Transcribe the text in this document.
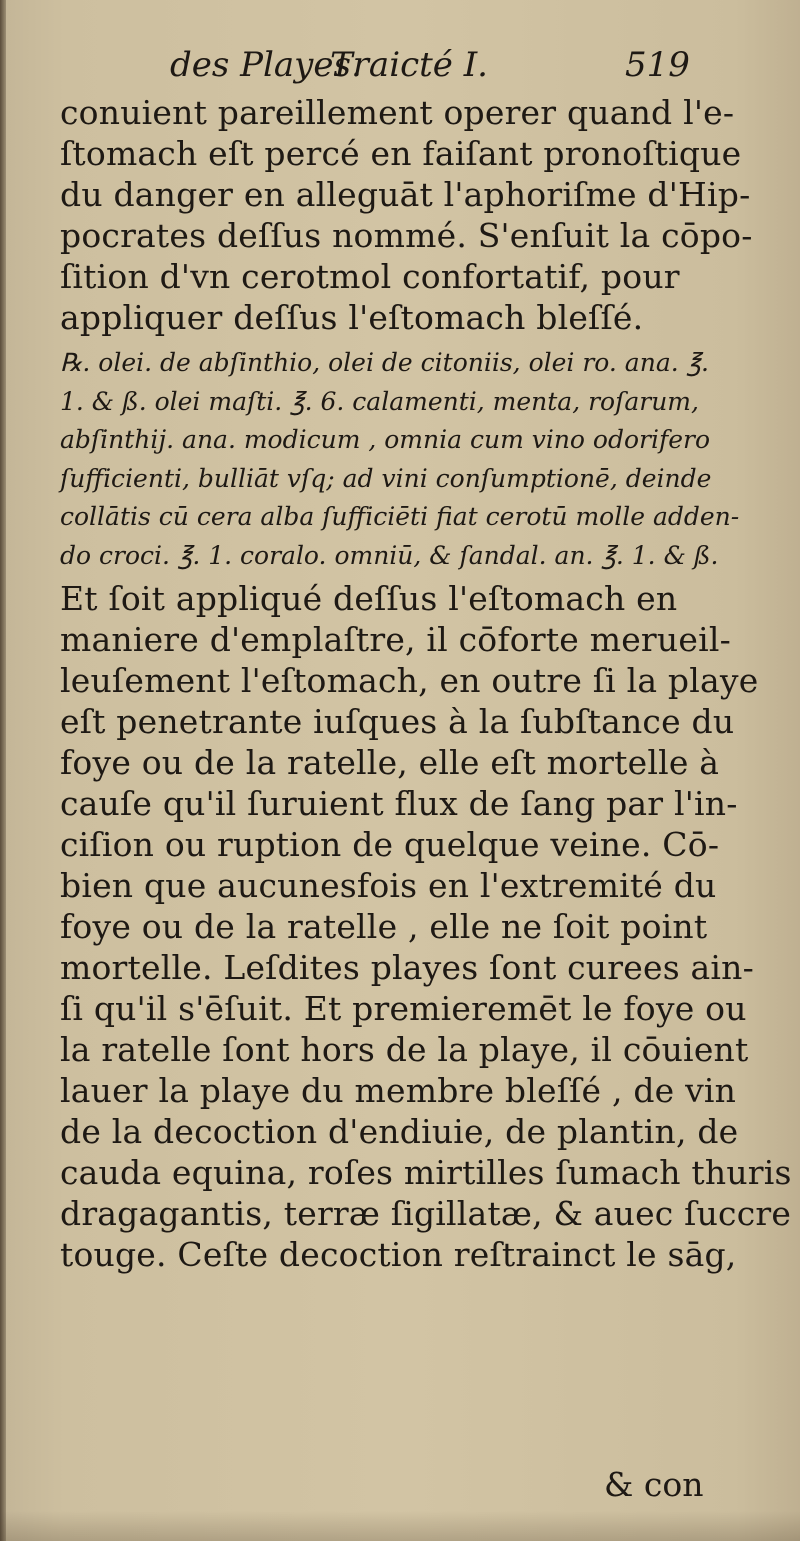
des Playes.
Traicté I.	519
conuient pareillement operer quand l'e-
ſtomach eſt percé en faiſant pronoſtique
du danger en alleguāt l'aphoriſme d'Hip-
pocrates deſſus nommé. S'enſuit la cōpo-
ſition d'vn cerotmol confortatif, pour
appliquer deſſus l'eſtomach bleſſé.
℞. olei. de abſinthio, olei de citoniis, olei ro. ana. ℥.
1. & ß. olei maſti. ℥. 6. calamenti, menta, roſarum,
abſinthij. ana. modicum , omnia cum vino odorifero
ſufficienti, bulliāt vſq; ad vini conſumptionē, deinde
collātis cū cera alba ſufficiēti fiat cerotū molle adden-
do croci. ℥. 1. coralo. omniū, & ſandal. an. ℥. 1. & ß.
Et ſoit appliqué deſſus l'eſtomach en
maniere d'emplaſtre, il cōforte merueil-
leuſement l'eſtomach, en outre ſi la playe
eſt penetrante iuſques à la ſubſtance du
foye ou de la ratelle, elle eſt mortelle à
cauſe qu'il ſuruient flux de ſang par l'in-
ciſion ou ruption de quelque veine. Cō-
bien que aucunesfois en l'extremité du
foye ou de la ratelle , elle ne ſoit point
mortelle. Leſdites playes ſont curees ain-
ſi qu'il s'ēſuit. Et premieremēt le foye ou
la ratelle ſont hors de la playe, il cōuient
lauer la playe du membre bleſſé , de vin
de la decoction d'endiuie, de plantin, de
cauda equina, roſes mirtilles ſumach thuris
dragagantis, terræ ſigillatæ, & auec ſuccre
touge. Ceſte decoction reſtrainct le sāg,
& con
